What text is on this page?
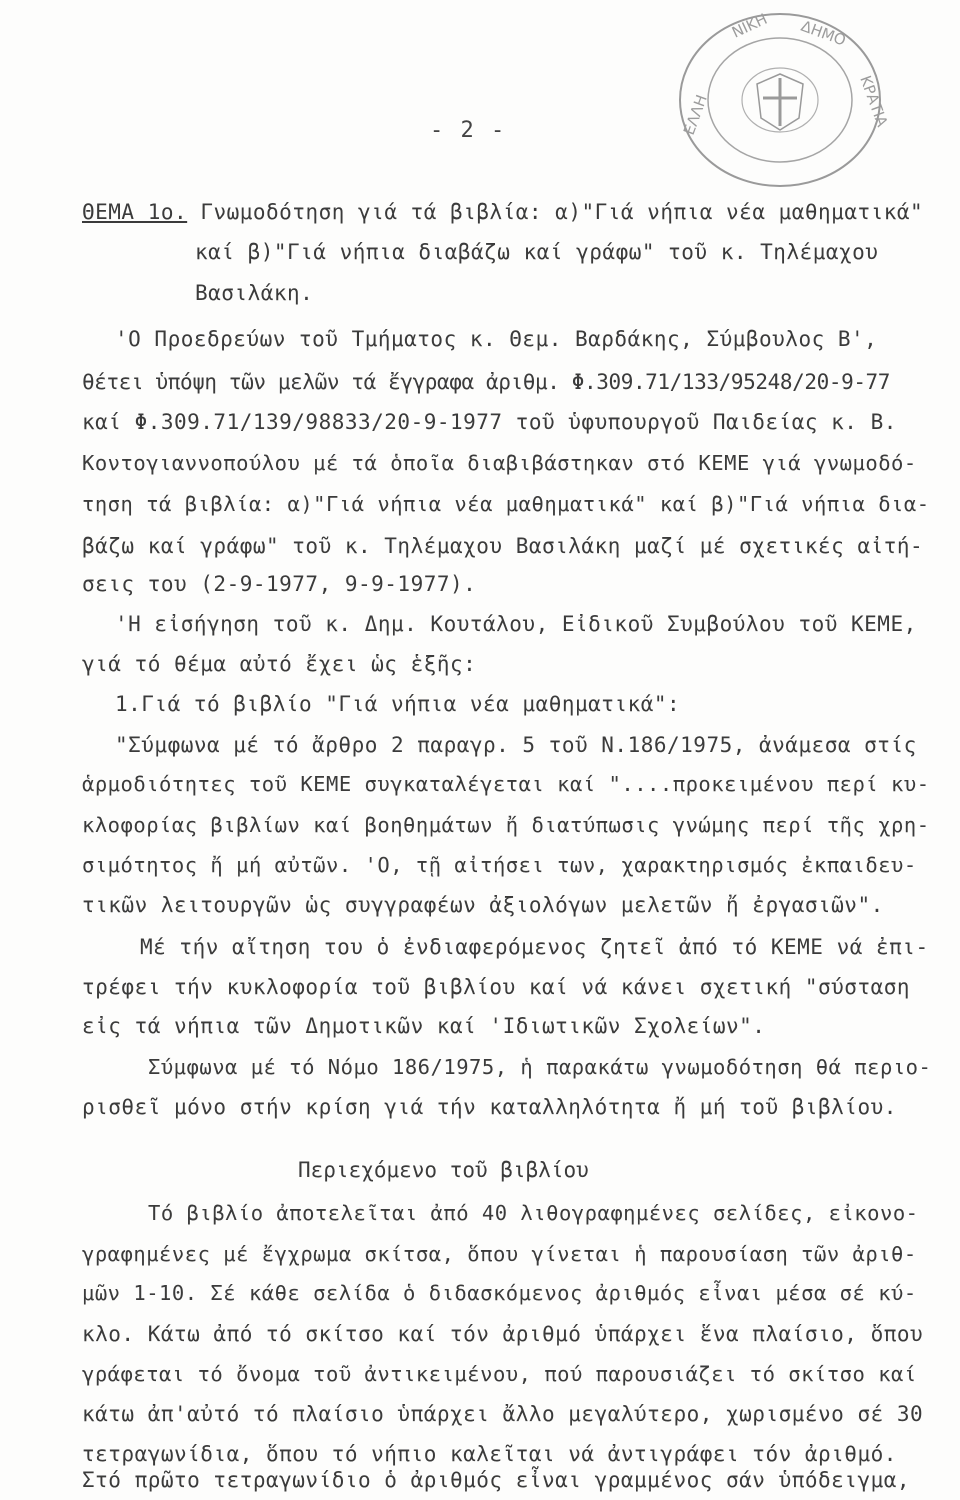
ΕΛΛΗ
ΝΙΚΗ ΔΗΜΟ
ΚΡΑΤΙΑ
- 2 -
ΘΕΜΑ 1ο. Γνωμοδότηση γιά τά βιβλία: α)"Γιά νήπια νέα μαθηματικά"
καί β)"Γιά νήπια διαβάζω καί γράφω" τοῦ κ. Τηλέμαχου
Βασιλάκη.
'Ο Προεδρεύων τοῦ Τμήματος κ. Θεμ. Βαρδάκης, Σύμβουλος Β',
θέτει ὑπόψη τῶν μελῶν τά ἔγγραφα ἀριθμ. Φ.309.71/133/95248/20-9-77
καί Φ.309.71/139/98833/20-9-1977 τοῦ ὑφυπουργοῦ Παιδείας κ. Β.
Κοντογιαννοπούλου μέ τά ὁποῖα διαβιβάστηκαν στό ΚΕΜΕ γιά γνωμοδό-
τηση τά βιβλία: α)"Γιά νήπια νέα μαθηματικά" καί β)"Γιά νήπια δια-
βάζω καί γράφω" τοῦ κ. Τηλέμαχου Βασιλάκη μαζί μέ σχετικές αἰτή-
σεις του (2-9-1977, 9-9-1977).
'Η εἰσήγηση τοῦ κ. Δημ. Κουτάλου, Εἰδικοῦ Συμβούλου τοῦ ΚΕΜΕ,
γιά τό θέμα αὐτό ἔχει ὡς ἑξῆς:
1.Γιά τό βιβλίο "Γιά νήπια νέα μαθηματικά":
"Σύμφωνα μέ τό ἄρθρο 2 παραγρ. 5 τοῦ Ν.186/1975, ἀνάμεσα στίς
ἁρμοδιότητες τοῦ ΚΕΜΕ συγκαταλέγεται καί "....προκειμένου περί κυ-
κλοφορίας βιβλίων καί βοηθημάτων ἤ διατύπωσις γνώμης περί τῆς χρη-
σιμότητος ἤ μή αὐτῶν. 'Ο, τῇ αἰτήσει των, χαρακτηρισμός ἐκπαιδευ-
τικῶν λειτουργῶν ὡς συγγραφέων ἀξιολόγων μελετῶν ἤ ἐργασιῶν".
Μέ τήν αἴτηση του ὁ ἐνδιαφερόμενος ζητεῖ ἀπό τό ΚΕΜΕ νά ἐπι-
τρέφει τήν κυκλοφορία τοῦ βιβλίου καί νά κάνει σχετική "σύσταση
εἰς τά νήπια τῶν Δημοτικῶν καί 'Ιδιωτικῶν Σχολείων".
Σύμφωνα μέ τό Νόμο 186/1975, ἡ παρακάτω γνωμοδότηση θά περιο-
ρισθεῖ μόνο στήν κρίση γιά τήν καταλληλότητα ἤ μή τοῦ βιβλίου.
Περιεχόμενο τοῦ βιβλίου
Τό βιβλίο ἀποτελεῖται ἀπό 40 λιθογραφημένες σελίδες, εἰκονο-
γραφημένες μέ ἔγχρωμα σκίτσα, ὅπου γίνεται ἡ παρουσίαση τῶν ἀριθ-
μῶν 1-10. Σέ κάθε σελίδα ὁ διδασκόμενος ἀριθμός εἶναι μέσα σέ κύ-
κλο. Κάτω ἀπό τό σκίτσο καί τόν ἀριθμό ὑπάρχει ἕνα πλαίσιο, ὅπου
γράφεται τό ὄνομα τοῦ ἀντικειμένου, πού παρουσιάζει τό σκίτσο καί
κάτω ἀπ'αὐτό τό πλαίσιο ὑπάρχει ἄλλο μεγαλύτερο, χωρισμένο σέ 30
τετραγωνίδια, ὅπου τό νήπιο καλεῖται νά ἀντιγράφει τόν ἀριθμό.
Στό πρῶτο τετραγωνίδιο ὁ ἀριθμός εἶναι γραμμένος σάν ὑπόδειγμα,
